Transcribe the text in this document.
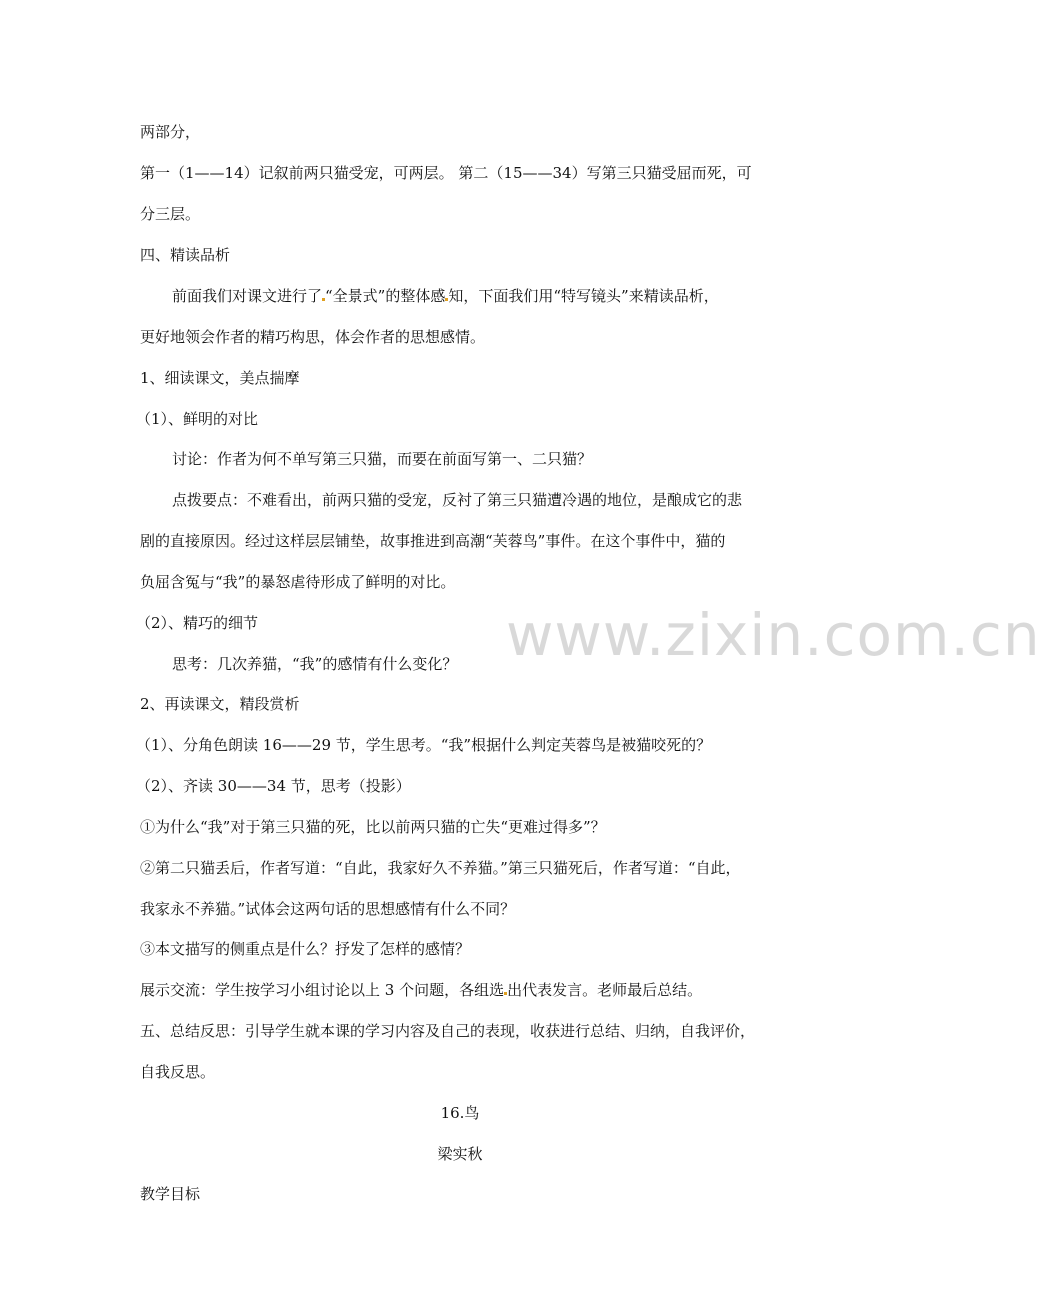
www.zixin.com.cn
两部分，
第一（1——14）记叙前两只猫受宠，可两层。 第二（15——34）写第三只猫受屈而死，可
分三层。
四、精读品析
前面我们对课文进行了 “全景式”的整体感 知，下面我们用“特写镜头”来精读品析，
更好地领会作者的精巧构思，体会作者的思想感情。
1、细读课文，美点揣摩
（1）、鲜明的对比
讨论：作者为何不单写第三只猫，而要在前面写第一、二只猫？
点拨要点：不难看出，前两只猫的受宠，反衬了第三只猫遭冷遇的地位，是酿成它的悲
剧的直接原因。经过这样层层铺垫，故事推进到高潮“芙蓉鸟”事件。在这个事件中，猫的
负屈含冤与“我”的暴怒虐待形成了鲜明的对比。
（2）、精巧的细节
思考：几次养猫，“我”的感情有什么变化？
2、再读课文，精段赏析
（1）、分角色朗读 16——29 节，学生思考。“我”根据什么判定芙蓉鸟是被猫咬死的？
（2）、齐读 30——34 节，思考（投影）
①为什么“我”对于第三只猫的死，比以前两只猫的亡失“更难过得多”？
②第二只猫丢后，作者写道：“自此，我家好久不养猫。”第三只猫死后，作者写道：“自此，
我家永不养猫。”试体会这两句话的思想感情有什么不同？
③本文描写的侧重点是什么？抒发了怎样的感情？
展示交流：学生按学习小组讨论以上 3 个问题，各组选 出代表发言。老师最后总结。
五、总结反思：引导学生就本课的学习内容及自己的表现，收获进行总结、归纳，自我评价，
自我反思。
16.鸟
梁实秋
教学目标
